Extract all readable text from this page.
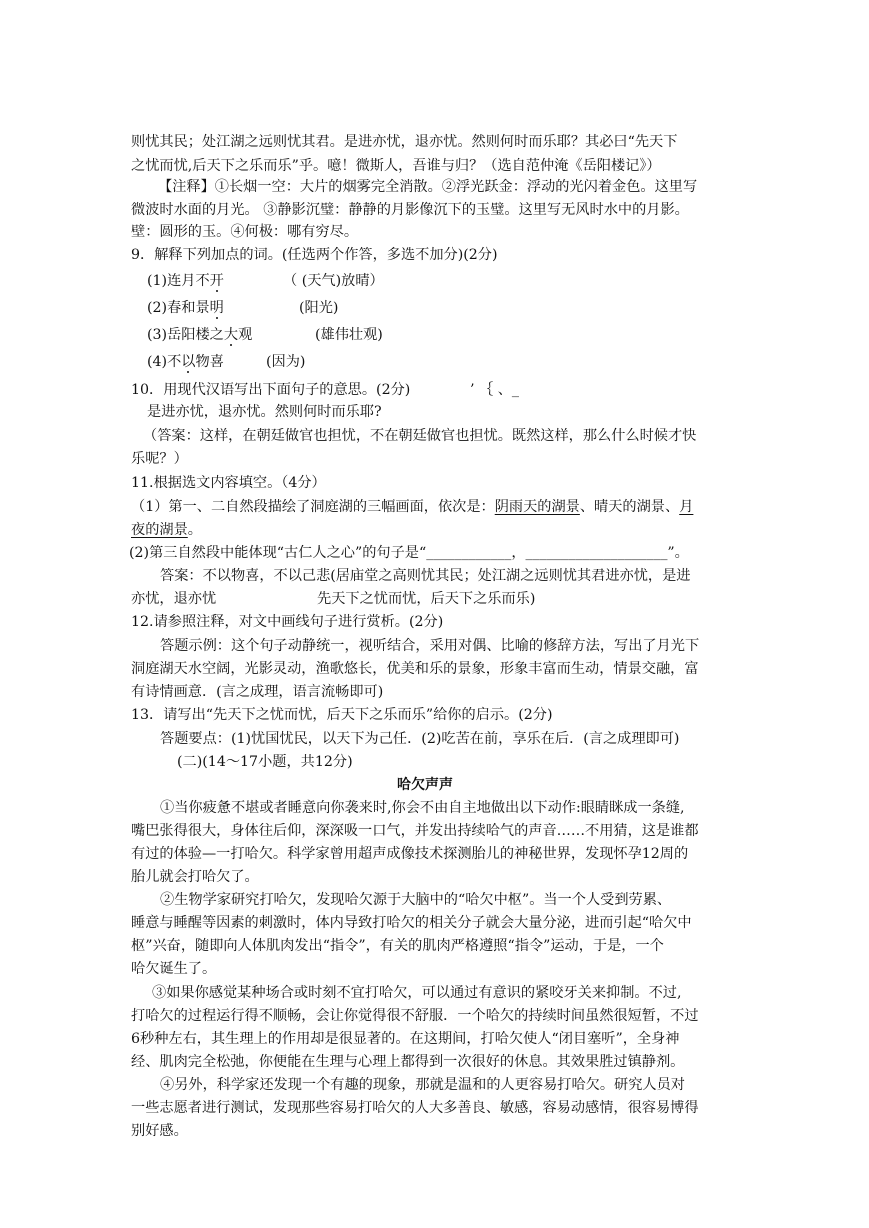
则忧其民；处江湖之远则忧其君。是进亦忧，退亦忧。然则何时而乐耶？其必曰“先天下
之忧而忧,后天下之乐而乐”乎。噫！微斯人，吾谁与归？（选自范仲淹《岳阳楼记》）
【注释】①长烟一空：大片的烟雾完全消散。②浮光跃金：浮动的光闪着金色。这里写
微波时水面的月光。 ③静影沉璧：静静的月影像沉下的玉璧。这里写无风时水中的月影。
壁：圆形的玉。④何极：哪有穷尽。
9．解释下列加点的词。(任选两个作答，多选不加分)(2分)
(1)连月不开	（ (天气)放晴）
(2)春和景明	(阳光)
(3)岳阳楼之大观	(雄伟壮观)
(4)不以物喜	(因为)
10．用现代汉语写出下面句子的意思。(2分)	’ ｛ 、_
是进亦忧，退亦忧。然则何时而乐耶?
（答案：这样，在朝廷做官也担忧，不在朝廷做官也担忧。既然这样，那么什么时候才快
乐呢？）
11.根据选文内容填空。（4分）
（1）第一、二自然段描绘了洞庭湖的三幅画面，依次是：阴雨天的湖景、晴天的湖景、月
夜的湖景。
(2)第三自然段中能体现“古仁人之心”的句子是“____________，____________________”。
答案：不以物喜，不以己悲(居庙堂之高则忧其民；处江湖之远则忧其君进亦忧，是进
亦忧，退亦忧	先天下之忧而忧，后天下之乐而乐)
12.请参照注释，对文中画线句子进行赏析。(2分)
答题示例：这个句子动静统一，视听结合，采用对偶、比喻的修辞方法，写出了月光下
洞庭湖天水空阔，光影灵动，渔歌悠长，优美和乐的景象，形象丰富而生动，情景交融，富
有诗情画意．(言之成理，语言流畅即可)
13．请写出“先天下之忧而忧，后天下之乐而乐”给你的启示。(2分)
答题要点：(1)忧国忧民，以天下为己任．(2)吃苦在前，享乐在后．(言之成理即可)
(二)(14～17小题，共12分)
哈欠声声
①当你疲惫不堪或者睡意向你袭来时,你会不由自主地做出以下动作:眼睛眯成一条缝,
嘴巴张得很大，身体往后仰，深深吸一口气，并发出持续哈气的声音……不用猜，这是谁都
有过的体验—一打哈欠。科学家曾用超声成像技术探测胎儿的神秘世界，发现怀孕12周的
胎儿就会打哈欠了。
②生物学家研究打哈欠，发现哈欠源于大脑中的“哈欠中枢”。当一个人受到劳累、
睡意与睡醒等因素的刺激时，体内导致打哈欠的相关分子就会大量分泌，进而引起“哈欠中
枢”兴奋，随即向人体肌肉发出“指令”，有关的肌肉严格遵照“指令”运动，于是，一个
哈欠诞生了。
③如果你感觉某种场合或时刻不宜打哈欠，可以通过有意识的紧咬牙关来抑制。不过,
打哈欠的过程运行得不顺畅，会让你觉得很不舒服．一个哈欠的持续时间虽然很短暂，不过
6秒种左右，其生理上的作用却是很显著的。在这期间，打哈欠使人“闭目塞听”，全身神
经、肌肉完全松弛，你便能在生理与心理上都得到一次很好的休息。其效果胜过镇静剂。
④另外，科学家还发现一个有趣的现象，那就是温和的人更容易打哈欠。研究人员对
一些志愿者进行测试，发现那些容易打哈欠的人大多善良、敏感，容易动感情，很容易博得
别好感。
